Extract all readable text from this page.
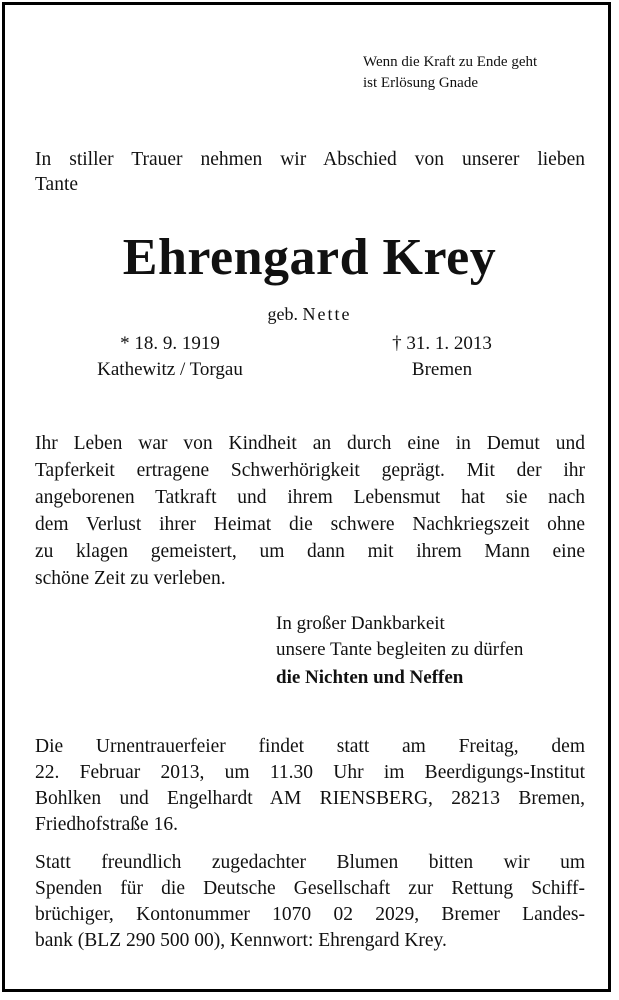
Wenn die Kraft zu Ende geht
ist Erlösung Gnade
In stiller Trauer nehmen wir Abschied von unserer lieben
Tante
Ehrengard Krey
geb. Nette
* 18. 9. 1919
Kathewitz / Torgau
† 31. 1. 2013
Bremen
Ihr Leben war von Kindheit an durch eine in Demut und
Tapferkeit ertragene Schwerhörigkeit geprägt. Mit der ihr
angeborenen Tatkraft und ihrem Lebensmut hat sie nach
dem Verlust ihrer Heimat die schwere Nachkriegszeit ohne
zu klagen gemeistert, um dann mit ihrem Mann eine
schöne Zeit zu verleben.
In großer Dankbarkeit
unsere Tante begleiten zu dürfen
die Nichten und Neffen
Die Urnentrauerfeier findet statt am Freitag, dem
22. Februar 2013, um 11.30 Uhr im Beerdigungs-Institut
Bohlken und Engelhardt AM RIENSBERG, 28213 Bremen,
Friedhofstraße 16.
Statt freundlich zugedachter Blumen bitten wir um
Spenden für die Deutsche Gesellschaft zur Rettung Schiff-
brüchiger, Kontonummer 1070 02 2029, Bremer Landes-
bank (BLZ 290 500 00), Kennwort: Ehrengard Krey.
